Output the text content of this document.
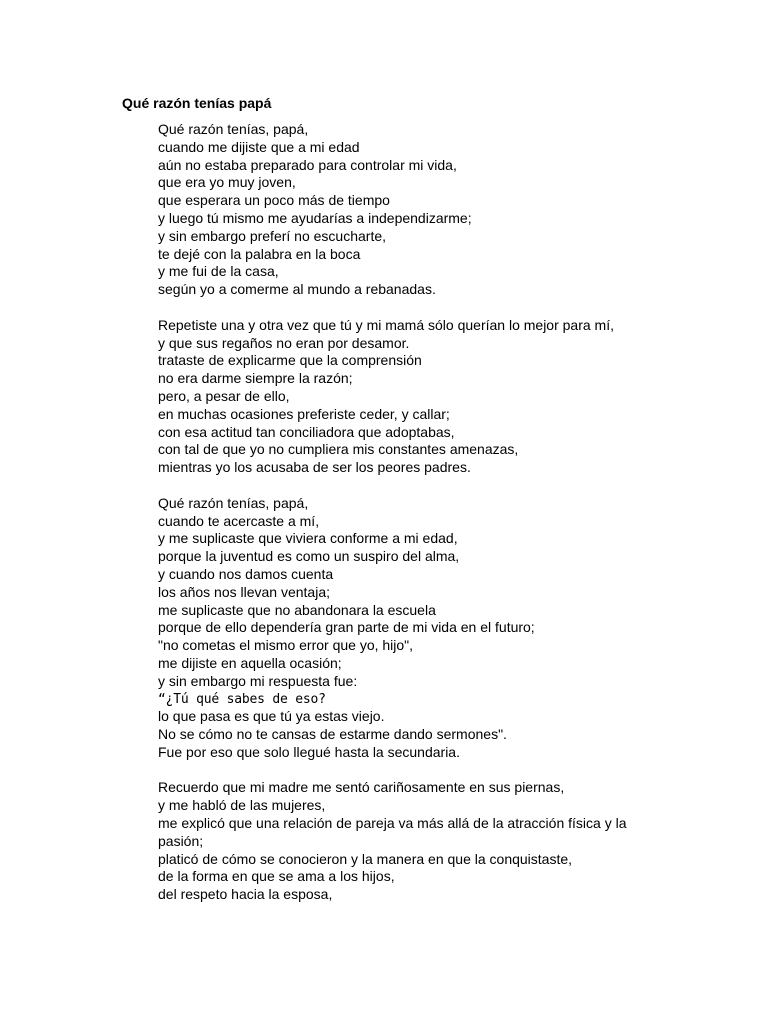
Qué razón tenías papá
Qué razón tenías, papá,
cuando me dijiste que a mi edad
aún no estaba preparado para controlar mi vida,
que era yo muy joven,
que esperara un poco más de tiempo
y luego tú mismo me ayudarías a independizarme;
y sin embargo preferí no escucharte,
te dejé con la palabra en la boca
y me fui de la casa,
según yo a comerme al mundo a rebanadas.
Repetiste una y otra vez que tú y mi mamá sólo querían lo mejor para mí,
y que sus regaños no eran por desamor.
trataste de explicarme que la comprensión
no era darme siempre la razón;
pero, a pesar de ello,
en muchas ocasiones preferiste ceder, y callar;
con esa actitud tan conciliadora que adoptabas,
con tal de que yo no cumpliera mis constantes amenazas,
mientras yo los acusaba de ser los peores padres.
Qué razón tenías, papá,
cuando te acercaste a mí,
y me suplicaste que viviera conforme a mi edad,
porque la juventud es como un suspiro del alma,
y cuando nos damos cuenta
los años nos llevan ventaja;
me suplicaste que no abandonara la escuela
porque de ello dependería gran parte de mi vida en el futuro;
"no cometas el mismo error que yo, hijo",
me dijiste en aquella ocasión;
y sin embargo mi respuesta fue:
“¿Tú qué sabes de eso?
lo que pasa es que tú ya estas viejo.
No se cómo no te cansas de estarme dando sermones".
Fue por eso que solo llegué hasta la secundaria.
Recuerdo que mi madre me sentó cariñosamente en sus piernas,
y me habló de las mujeres,
me explicó que una relación de pareja va más allá de la atracción física y la pasión;
platicó de cómo se conocieron y la manera en que la conquistaste,
de la forma en que se ama a los hijos,
del respeto hacia la esposa,
